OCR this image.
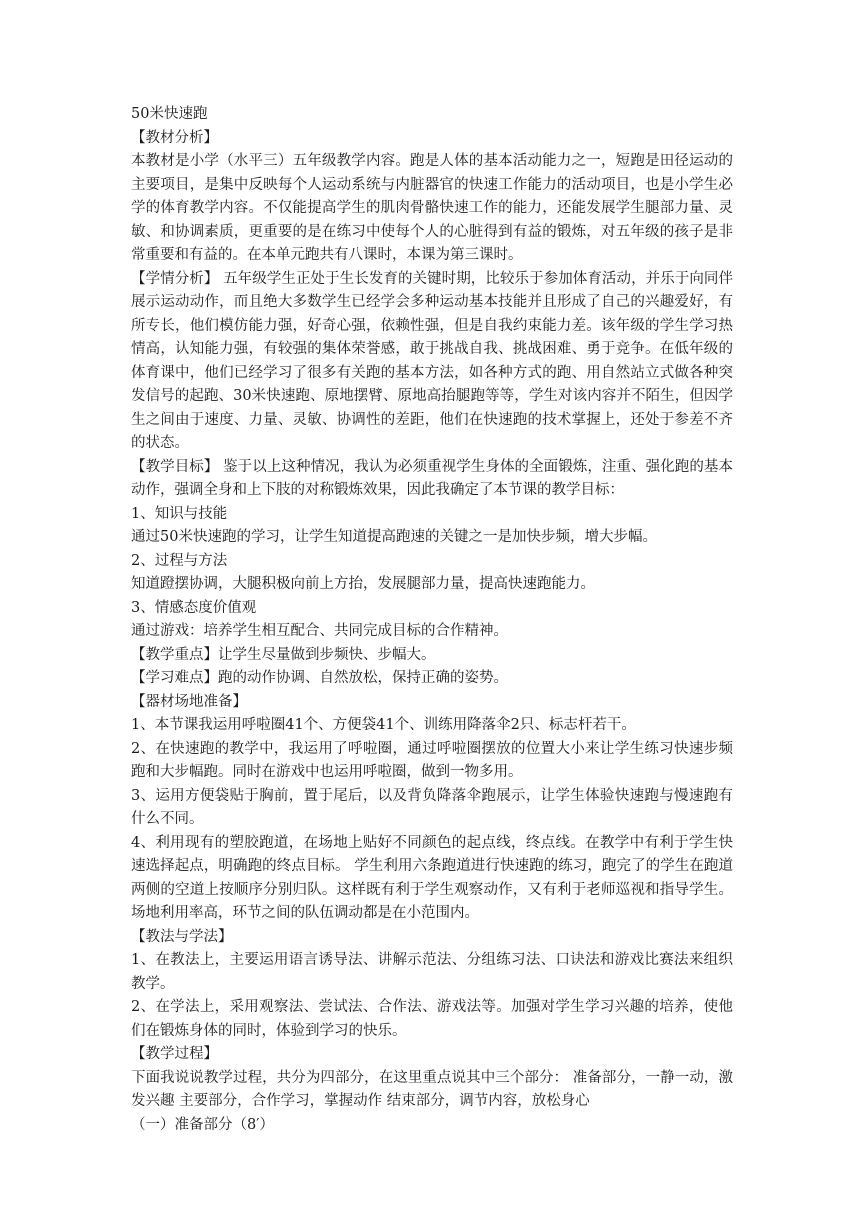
50米快速跑
【教材分析】
本教材是小学（水平三）五年级教学内容。跑是人体的基本活动能力之一，短跑是田径运动的主要项目，是集中反映每个人运动系统与内脏器官的快速工作能力的活动项目，也是小学生必学的体育教学内容。不仅能提高学生的肌肉骨骼快速工作的能力，还能发展学生腿部力量、灵敏、和协调素质，更重要的是在练习中使每个人的心脏得到有益的锻炼，对五年级的孩子是非常重要和有益的。在本单元跑共有八课时，本课为第三课时。
【学情分析】 五年级学生正处于生长发育的关键时期，比较乐于参加体育活动，并乐于向同伴展示运动动作，而且绝大多数学生已经学会多种运动基本技能并且形成了自己的兴趣爱好，有所专长，他们模仿能力强，好奇心强，依赖性强，但是自我约束能力差。该年级的学生学习热情高，认知能力强，有较强的集体荣誉感，敢于挑战自我、挑战困难、勇于竞争。在低年级的体育课中，他们已经学习了很多有关跑的基本方法，如各种方式的跑、用自然站立式做各种突发信号的起跑、30米快速跑、原地摆臂、原地高抬腿跑等等，学生对该内容并不陌生，但因学生之间由于速度、力量、灵敏、协调性的差距，他们在快速跑的技术掌握上，还处于参差不齐的状态。
【教学目标】 鉴于以上这种情况，我认为必须重视学生身体的全面锻炼，注重、强化跑的基本动作，强调全身和上下肢的对称锻炼效果，因此我确定了本节课的教学目标：
1、知识与技能
通过50米快速跑的学习，让学生知道提高跑速的关键之一是加快步频，增大步幅。
2、过程与方法
知道蹬摆协调，大腿积极向前上方抬，发展腿部力量，提高快速跑能力。
3、情感态度价值观
通过游戏：培养学生相互配合、共同完成目标的合作精神。
【教学重点】让学生尽量做到步频快、步幅大。
【学习难点】跑的动作协调、自然放松，保持正确的姿势。
【器材场地准备】
1、本节课我运用呼啦圈41个、方便袋41个、训练用降落伞2只、标志杆若干。
2、在快速跑的教学中，我运用了呼啦圈，通过呼啦圈摆放的位置大小来让学生练习快速步频跑和大步幅跑。同时在游戏中也运用呼啦圈，做到一物多用。
3、运用方便袋贴于胸前，置于尾后，以及背负降落伞跑展示，让学生体验快速跑与慢速跑有什么不同。
4、利用现有的塑胶跑道，在场地上贴好不同颜色的起点线，终点线。在教学中有利于学生快速选择起点，明确跑的终点目标。 学生利用六条跑道进行快速跑的练习，跑完了的学生在跑道两侧的空道上按顺序分别归队。这样既有利于学生观察动作，又有利于老师巡视和指导学生。场地利用率高，环节之间的队伍调动都是在小范围内。
【教法与学法】
1、在教法上，主要运用语言诱导法、讲解示范法、分组练习法、口诀法和游戏比赛法来组织教学。
2、在学法上，采用观察法、尝试法、合作法、游戏法等。加强对学生学习兴趣的培养，使他们在锻炼身体的同时，体验到学习的快乐。
【教学过程】
下面我说说教学过程，共分为四部分，在这里重点说其中三个部分： 准备部分，一静一动，激发兴趣 主要部分，合作学习，掌握动作 结束部分，调节内容，放松身心
（一）准备部分（8′）
